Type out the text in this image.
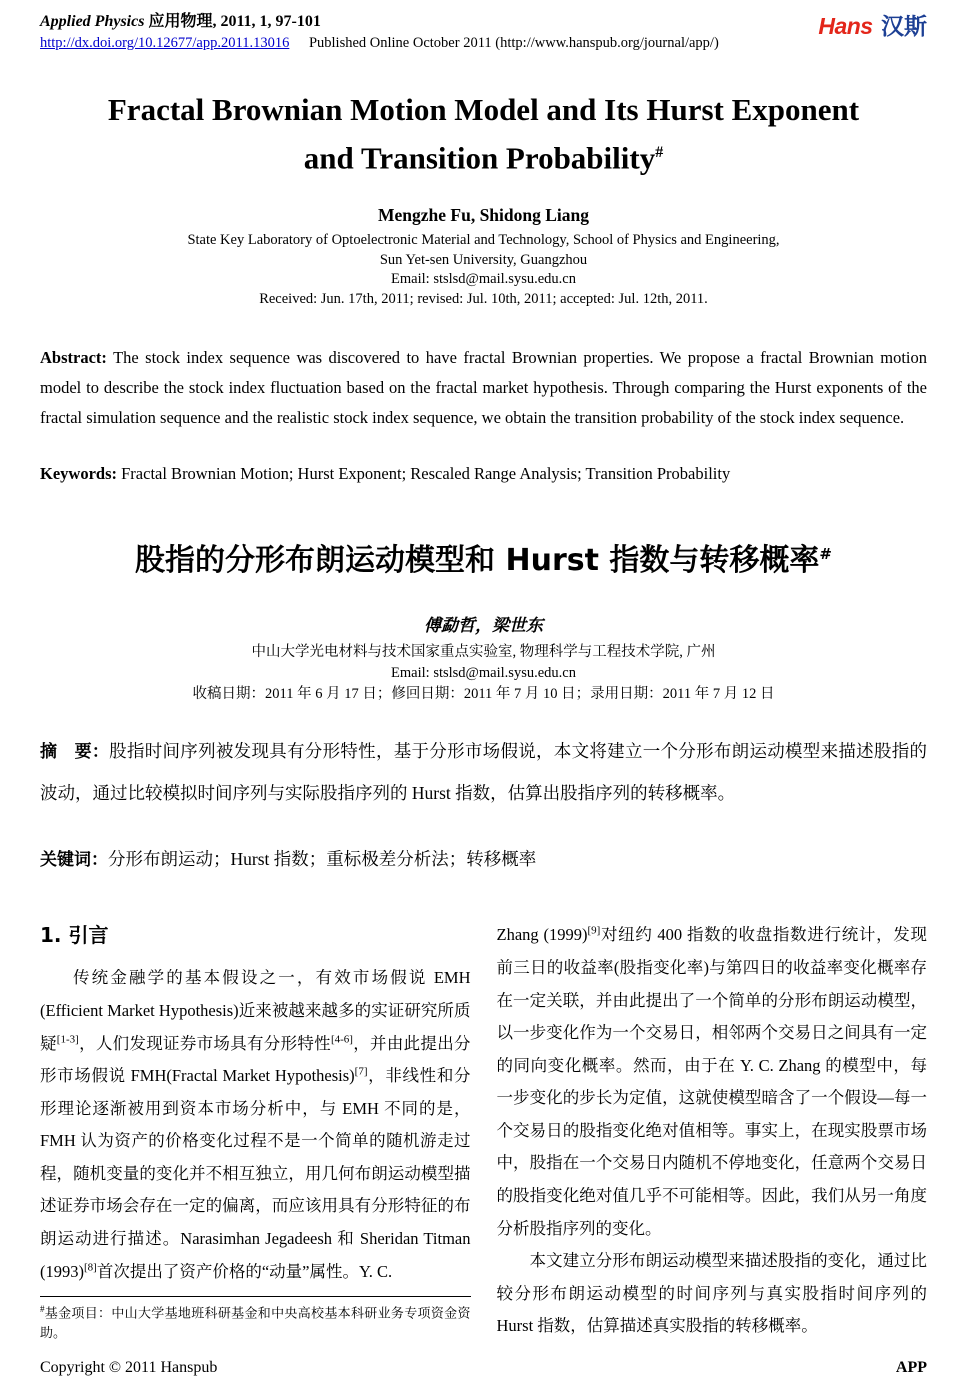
Applied Physics 应用物理, 2011, 1, 97-101
http://dx.doi.org/10.12677/app.2011.13016 Published Online October 2011 (http://www.hanspub.org/journal/app/)
Hans 汉斯
Fractal Brownian Motion Model and Its Hurst Exponent
and Transition Probability#
Mengzhe Fu, Shidong Liang
State Key Laboratory of Optoelectronic Material and Technology, School of Physics and Engineering,
Sun Yet-sen University, Guangzhou
Email: stslsd@mail.sysu.edu.cn
Received: Jun. 17th, 2011; revised: Jul. 10th, 2011; accepted: Jul. 12th, 2011.

Abstract: The stock index sequence was discovered to have fractal Brownian properties. We propose a fractal Brownian motion model to describe the stock index fluctuation based on the fractal market hypothesis. Through comparing the Hurst exponents of the fractal simulation sequence and the realistic stock index sequence, we obtain the transition probability of the stock index sequence.

Keywords: Fractal Brownian Motion; Hurst Exponent; Rescaled Range Analysis; Transition Probability

股指的分形布朗运动模型和 Hurst 指数与转移概率#
傅勐哲，梁世东
中山大学光电材料与技术国家重点实验室, 物理科学与工程技术学院, 广州
Email: stslsd@mail.sysu.edu.cn
收稿日期：2011 年 6 月 17 日；修回日期：2011 年 7 月 10 日；录用日期：2011 年 7 月 12 日

摘　要：股指时间序列被发现具有分形特性，基于分形市场假说，本文将建立一个分形布朗运动模型来描述股指的波动，通过比较模拟时间序列与实际股指序列的 Hurst 指数，估算出股指序列的转移概率。

关键词：分形布朗运动；Hurst 指数；重标极差分析法；转移概率

1. 引言

传统金融学的基本假设之一，有效市场假说 EMH (Efficient Market Hypothesis)近来被越来越多的实证研究所质疑[1-3]，人们发现证券市场具有分形特性[4-6]，并由此提出分形市场假说 FMH(Fractal Market Hypothesis)[7]，非线性和分形理论逐渐被用到资本市场分析中，与 EMH 不同的是，FMH 认为资产的价格变化过程不是一个简单的随机游走过程，随机变量的变化并不相互独立，用几何布朗运动模型描述证券市场会存在一定的偏离，而应该用具有分形特征的布朗运动进行描述。Narasimhan Jegadeesh 和 Sheridan Titman (1993)[8]首次提出了资产价格的“动量”属性。Y. C.

#基金项目：中山大学基地班科研基金和中央高校基本科研业务专项资金资助。

Zhang (1999)[9]对纽约 400 指数的收盘指数进行统计，发现前三日的收益率(股指变化率)与第四日的收益率变化概率存在一定关联，并由此提出了一个简单的分形布朗运动模型，以一步变化作为一个交易日，相邻两个交易日之间具有一定的同向变化概率。然而，由于在 Y. C. Zhang 的模型中，每一步变化的步长为定值，这就使模型暗含了一个假设—每一个交易日的股指变化绝对值相等。事实上，在现实股票市场中，股指在一个交易日内随机不停地变化，任意两个交易日的股指变化绝对值几乎不可能相等。因此，我们从另一角度分析股指序列的变化。

本文建立分形布朗运动模型来描述股指的变化，通过比较分形布朗运动模型的时间序列与真实股指时间序列的 Hurst 指数，估算描述真实股指的转移概率。

Copyright © 2011 Hanspub	APP
